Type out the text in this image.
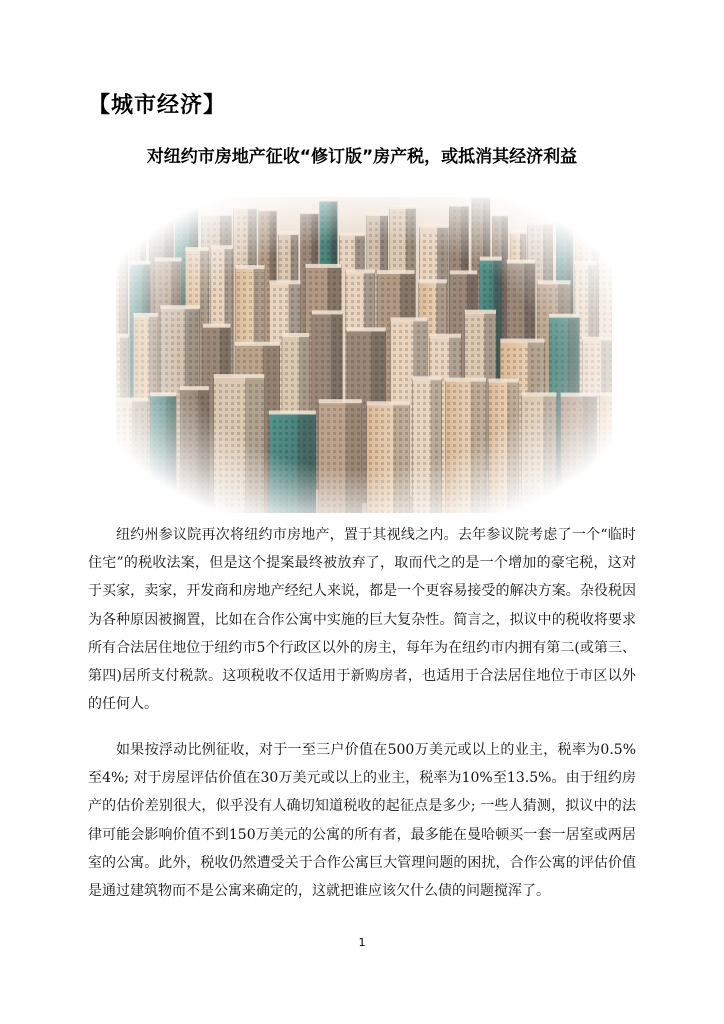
【城市经济】
对纽约市房地产征收“修订版”房产税，或抵消其经济利益

纽约州参议院再次将纽约市房地产，置于其视线之内。去年参议院考虑了一个“临时住宅”的税收法案，但是这个提案最终被放弃了，取而代之的是一个增加的豪宅税，这对于买家，卖家，开发商和房地产经纪人来说，都是一个更容易接受的解决方案。杂役税因为各种原因被搁置，比如在合作公寓中实施的巨大复杂性。简言之，拟议中的税收将要求所有合法居住地位于纽约市5个行政区以外的房主，每年为在纽约市内拥有第二(或第三、第四)居所支付税款。这项税收不仅适用于新购房者，也适用于合法居住地位于市区以外的任何人。

如果按浮动比例征收，对于一至三户价值在500万美元或以上的业主，税率为0.5%至4%; 对于房屋评估价值在30万美元或以上的业主，税率为10%至13.5%。由于纽约房产的估价差别很大，似乎没有人确切知道税收的起征点是多少; 一些人猜测，拟议中的法律可能会影响价值不到150万美元的公寓的所有者，最多能在曼哈顿买一套一居室或两居室的公寓。此外，税收仍然遭受关于合作公寓巨大管理问题的困扰，合作公寓的评估价值是通过建筑物而不是公寓来确定的，这就把谁应该欠什么债的问题搅浑了。

1
